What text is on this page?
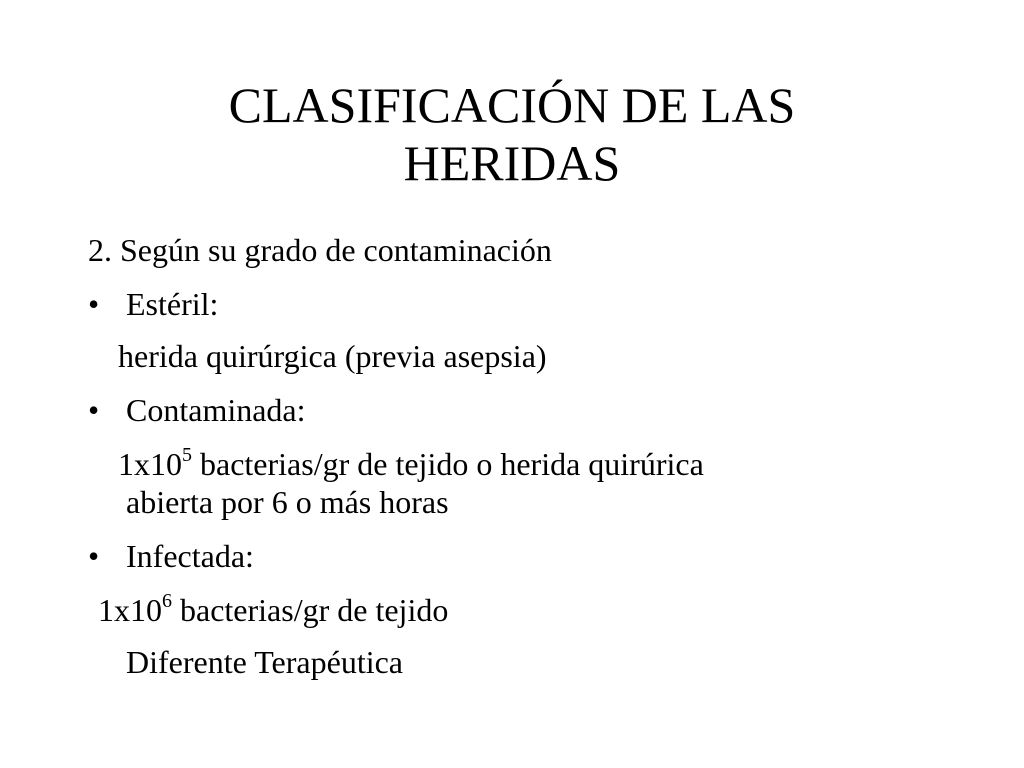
CLASIFICACIÓN DE LAS
HERIDAS
2. Según su grado de contaminación
• Estéril:
herida quirúrgica (previa asepsia)
• Contaminada:
$1x10^5$ bacterias/gr de tejido o herida quirúrica
abierta por 6 o más horas
• Infectada:
$1x10^6$ bacterias/gr de tejido
Diferente Terapéutica
